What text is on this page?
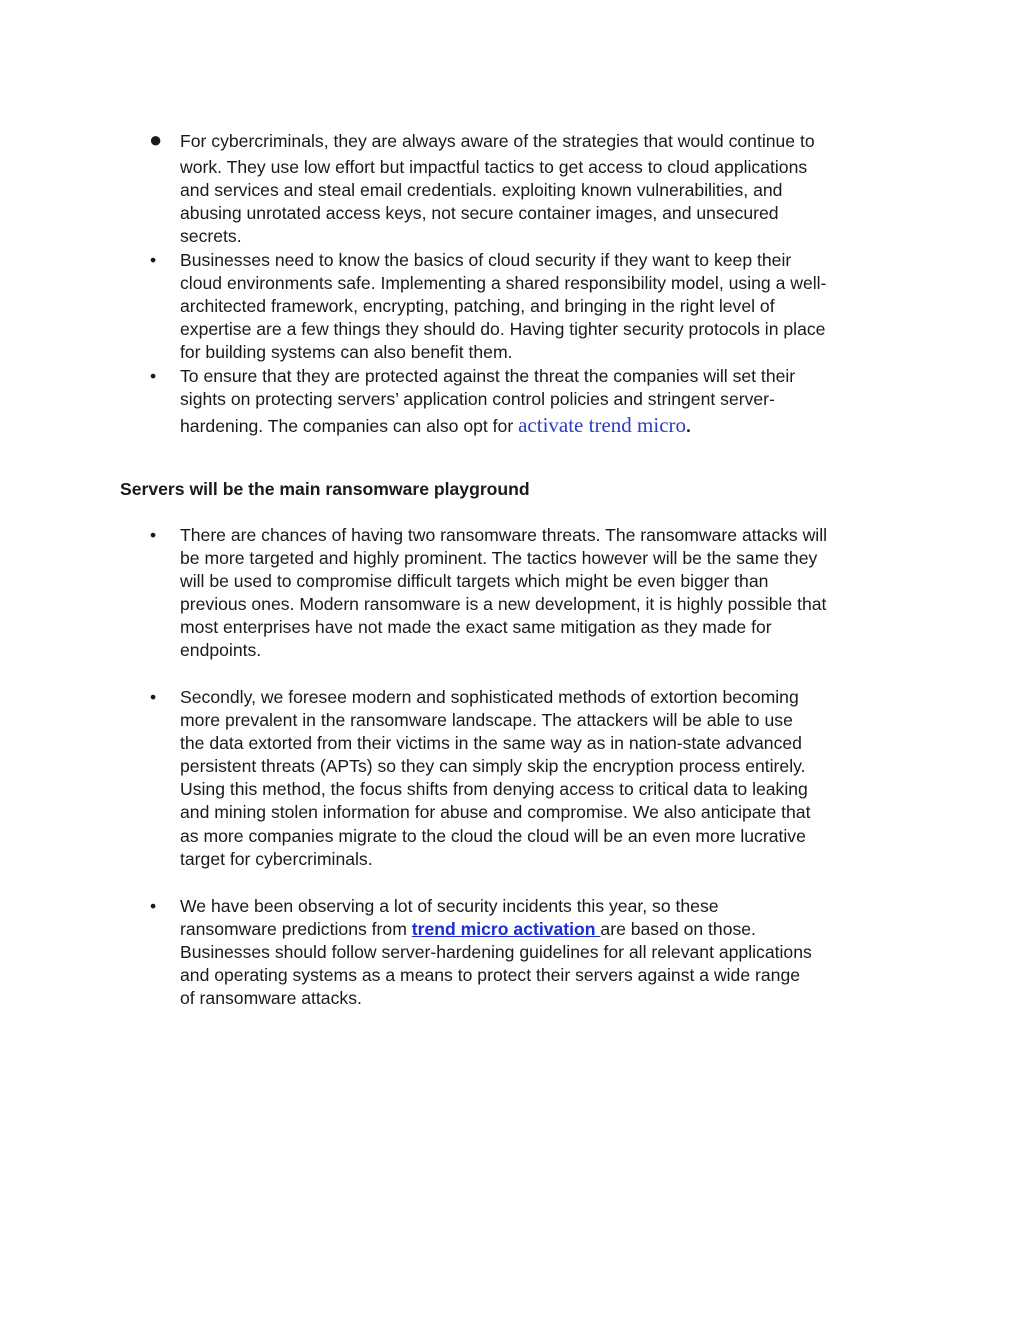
● For cybercriminals, they are always aware of the strategies that would continue to

work. They use low effort but impactful tactics to get access to cloud applications

and services and steal email credentials. exploiting known vulnerabilities, and

abusing unrotated access keys, not secure container images, and unsecured

secrets.

• Businesses need to know the basics of cloud security if they want to keep their

cloud environments safe. Implementing a shared responsibility model, using a well-

architected framework, encrypting, patching, and bringing in the right level of

expertise are a few things they should do. Having tighter security protocols in place

for building systems can also benefit them.

• To ensure that they are protected against the threat the companies will set their

sights on protecting servers’ application control policies and stringent server-

hardening. The companies can also opt for activate trend micro.

Servers will be the main ransomware playground
• There are chances of having two ransomware threats. The ransomware attacks will

be more targeted and highly prominent. The tactics however will be the same they

will be used to compromise difficult targets which might be even bigger than

previous ones. Modern ransomware is a new development, it is highly possible that

most enterprises have not made the exact same mitigation as they made for

endpoints.

• Secondly, we foresee modern and sophisticated methods of extortion becoming

more prevalent in the ransomware landscape. The attackers will be able to use

the data extorted from their victims in the same way as in nation-state advanced

persistent threats (APTs) so they can simply skip the encryption process entirely.

Using this method, the focus shifts from denying access to critical data to leaking

and mining stolen information for abuse and compromise. We also anticipate that

as more companies migrate to the cloud the cloud will be an even more lucrative

target for cybercriminals.

• We have been observing a lot of security incidents this year, so these

ransomware predictions from trend micro activation are based on those.

Businesses should follow server-hardening guidelines for all relevant applications

and operating systems as a means to protect their servers against a wide range

of ransomware attacks.
